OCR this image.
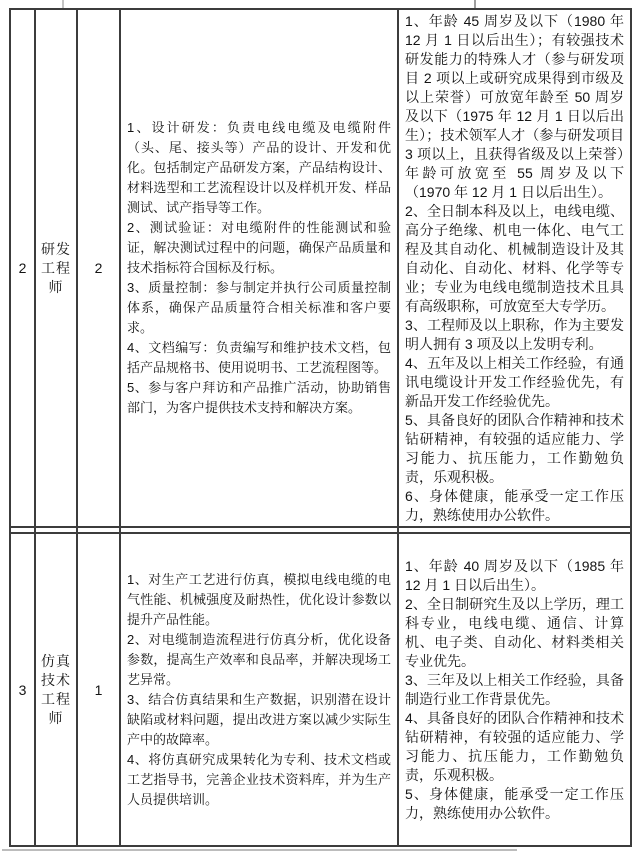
2
研发工程师
2

1、设计研发：负责电线电缆及电缆附件（头、尾、接头等）产品的设计、开发和优化。包括制定产品研发方案，产品结构设计、材料选型和工艺流程设计以及样机开发、样品测试、试产指导等工作。

2、测试验证：对电缆附件的性能测试和验证，解决测试过程中的问题，确保产品质量和技术指标符合国标及行标。

3、质量控制：参与制定并执行公司质量控制体系，确保产品质量符合相关标准和客户要求。

4、文档编写：负责编写和维护技术文档，包括产品规格书、使用说明书、工艺流程图等。

5、参与客户拜访和产品推广活动，协助销售部门，为客户提供技术支持和解决方案。

1、年龄 45 周岁及以下（1980 年 12 月 1 日以后出生）；有较强技术研发能力的特殊人才（参与研发项目 2 项以上或研究成果得到市级及以上荣誉）可放宽年龄至 50 周岁及以下（1975 年 12 月 1 日以后出生）；技术领军人才（参与研发项目 3 项以上，且获得省级及以上荣誉）年龄可放宽至 55 周岁及以下（1970 年 12 月 1 日以后出生）。

2、全日制本科及以上，电线电缆、高分子绝缘、机电一体化、电气工程及其自动化、机械制造设计及其自动化、自动化、材料、化学等专业；专业为电线电缆制造技术且具有高级职称，可放宽至大专学历。

3、工程师及以上职称，作为主要发明人拥有 3 项及以上发明专利。

4、五年及以上相关工作经验，有通讯电缆设计开发工作经验优先，有新品开发工作经验优先。

5、具备良好的团队合作精神和技术钻研精神，有较强的适应能力、学习能力、抗压能力，工作勤勉负责，乐观积极。

6、身体健康，能承受一定工作压力，熟练使用办公软件。

3
仿真技术工程师
1

1、对生产工艺进行仿真，模拟电线电缆的电气性能、机械强度及耐热性，优化设计参数以提升产品性能。

2、对电缆制造流程进行仿真分析，优化设备参数，提高生产效率和良品率，并解决现场工艺异常。

3、结合仿真结果和生产数据，识别潜在设计缺陷或材料问题，提出改进方案以减少实际生产中的故障率。

4、将仿真研究成果转化为专利、技术文档或工艺指导书，完善企业技术资料库，并为生产人员提供培训。

1、年龄 40 周岁及以下（1985 年 12 月 1 日以后出生）。

2、全日制研究生及以上学历，理工科专业，电线电缆、通信、计算机、电子类、自动化、材料类相关专业优先。

3、三年及以上相关工作经验，具备制造行业工作背景优先。

4、具备良好的团队合作精神和技术钻研精神，有较强的适应能力、学习能力、抗压能力，工作勤勉负责，乐观积极。

5、身体健康，能承受一定工作压力，熟练使用办公软件。
